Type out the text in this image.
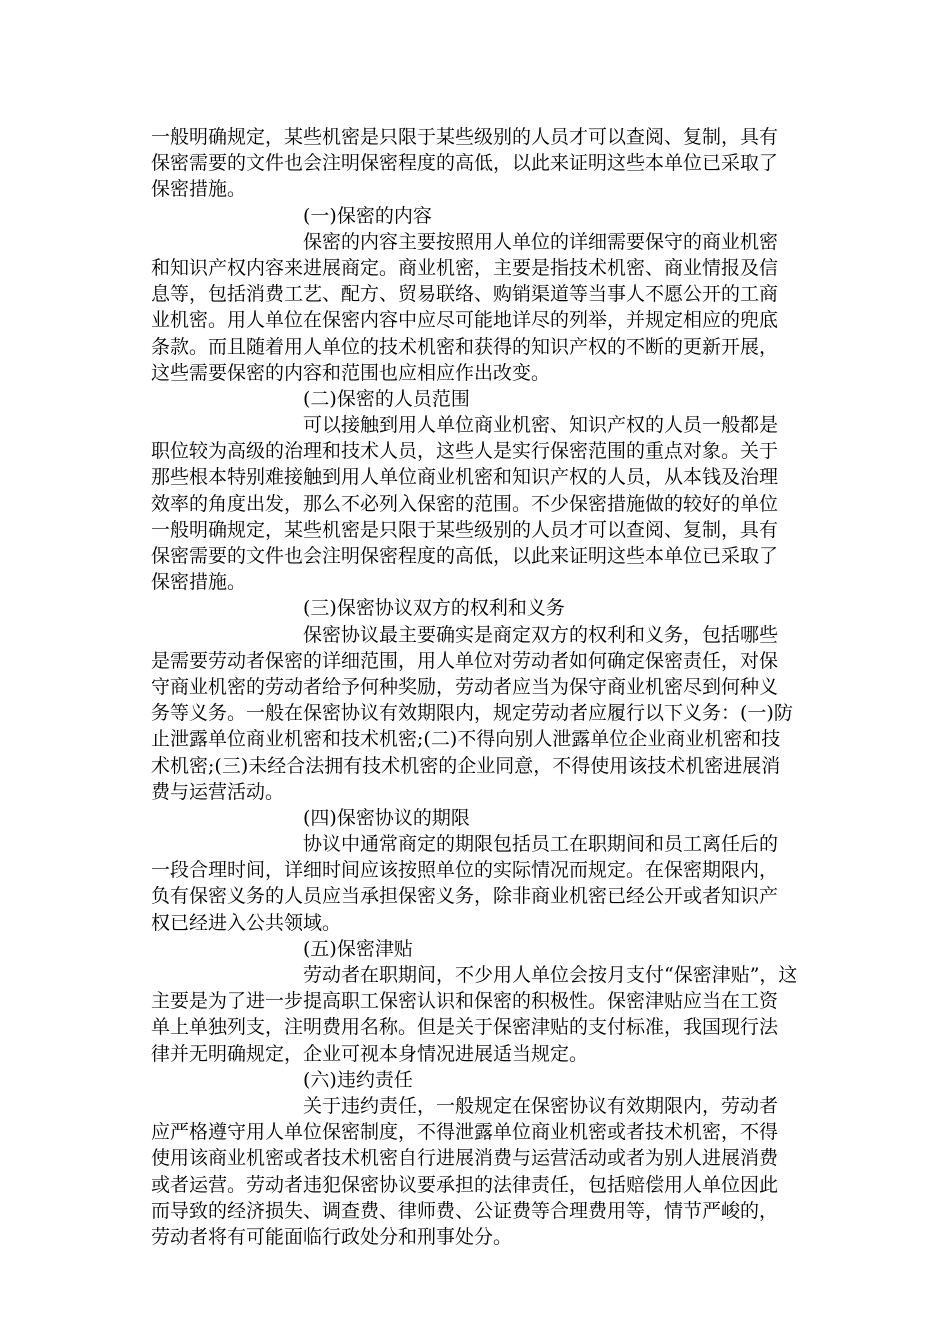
一般明确规定，某些机密是只限于某些级别的人员才可以查阅、复制，具有
保密需要的文件也会注明保密程度的高低，以此来证明这些本单位已采取了
保密措施。
(一)保密的内容
保密的内容主要按照用人单位的详细需要保守的商业机密
和知识产权内容来进展商定。商业机密，主要是指技术机密、商业情报及信
息等，包括消费工艺、配方、贸易联络、购销渠道等当事人不愿公开的工商
业机密。用人单位在保密内容中应尽可能地详尽的列举，并规定相应的兜底
条款。而且随着用人单位的技术机密和获得的知识产权的不断的更新开展，
这些需要保密的内容和范围也应相应作出改变。
(二)保密的人员范围
可以接触到用人单位商业机密、知识产权的人员一般都是
职位较为高级的治理和技术人员，这些人是实行保密范围的重点对象。关于
那些根本特别难接触到用人单位商业机密和知识产权的人员，从本钱及治理
效率的角度出发，那么不必列入保密的范围。不少保密措施做的较好的单位
一般明确规定，某些机密是只限于某些级别的人员才可以查阅、复制，具有
保密需要的文件也会注明保密程度的高低，以此来证明这些本单位已采取了
保密措施。
(三)保密协议双方的权利和义务
保密协议最主要确实是商定双方的权利和义务，包括哪些
是需要劳动者保密的详细范围，用人单位对劳动者如何确定保密责任，对保
守商业机密的劳动者给予何种奖励，劳动者应当为保守商业机密尽到何种义
务等义务。一般在保密协议有效期限内，规定劳动者应履行以下义务：(一)防
止泄露单位商业机密和技术机密;(二)不得向别人泄露单位企业商业机密和技
术机密;(三)未经合法拥有技术机密的企业同意，不得使用该技术机密进展消
费与运营活动。
(四)保密协议的期限
协议中通常商定的期限包括员工在职期间和员工离任后的
一段合理时间，详细时间应该按照单位的实际情况而规定。在保密期限内，
负有保密义务的人员应当承担保密义务，除非商业机密已经公开或者知识产
权已经进入公共领域。
(五)保密津贴
劳动者在职期间，不少用人单位会按月支付“保密津贴”，这
主要是为了进一步提高职工保密认识和保密的积极性。保密津贴应当在工资
单上单独列支，注明费用名称。但是关于保密津贴的支付标准，我国现行法
律并无明确规定，企业可视本身情况进展适当规定。
(六)违约责任
关于违约责任，一般规定在保密协议有效期限内，劳动者
应严格遵守用人单位保密制度，不得泄露单位商业机密或者技术机密，不得
使用该商业机密或者技术机密自行进展消费与运营活动或者为别人进展消费
或者运营。劳动者违犯保密协议要承担的法律责任，包括赔偿用人单位因此
而导致的经济损失、调查费、律师费、公证费等合理费用等，情节严峻的，
劳动者将有可能面临行政处分和刑事处分。
